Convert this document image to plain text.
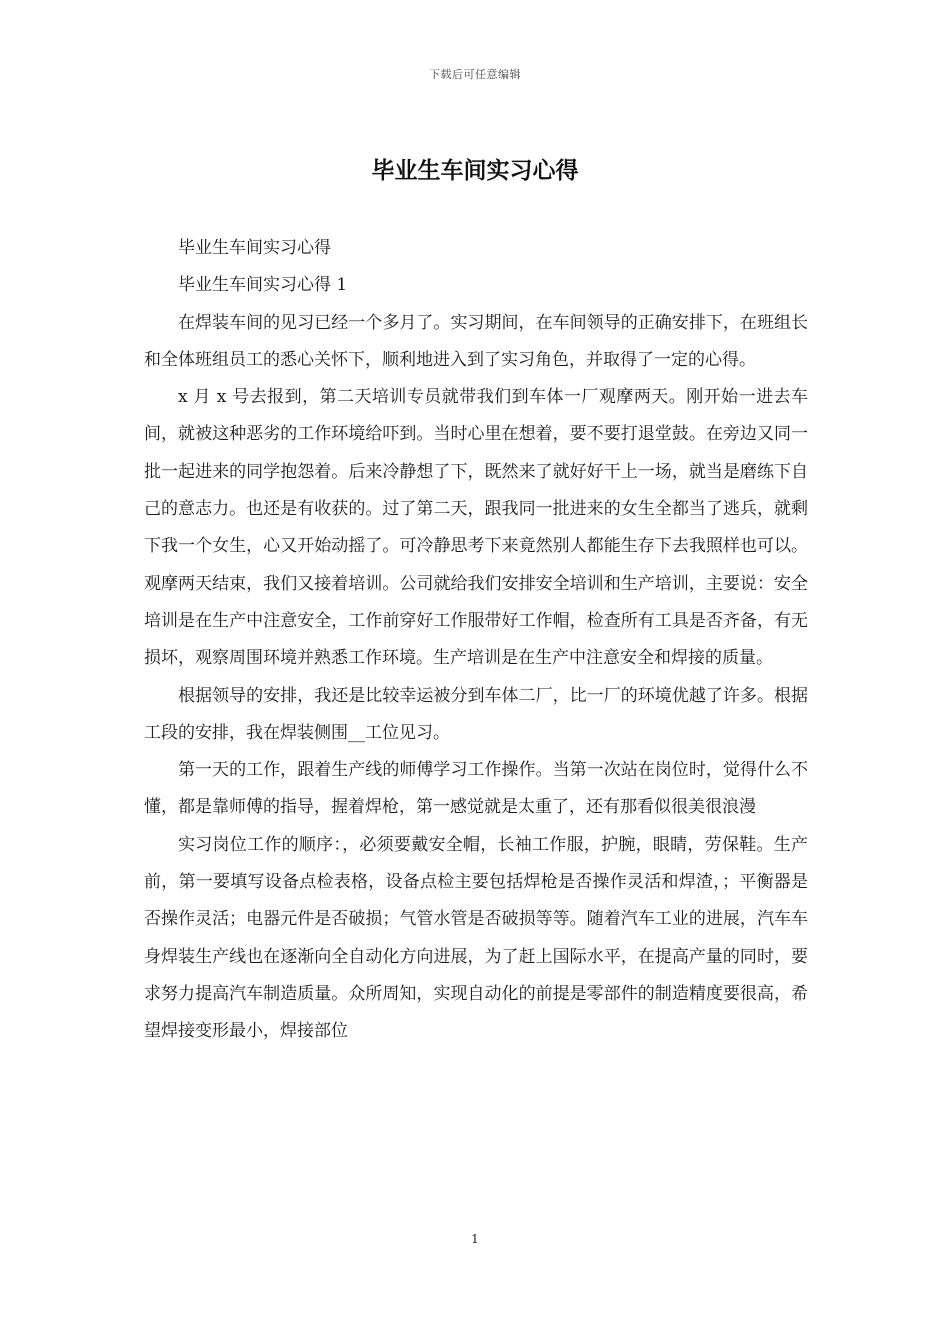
下载后可任意编辑
毕业生车间实习心得

毕业生车间实习心得

毕业生车间实习心得 1

在焊装车间的见习已经一个多月了。实习期间，在车间领导的正确安排下，在班组长和全体班组员工的悉心关怀下，顺利地进入到了实习角色，并取得了一定的心得。

x 月 x 号去报到，第二天培训专员就带我们到车体一厂观摩两天。刚开始一进去车间，就被这种恶劣的工作环境给吓到。当时心里在想着，要不要打退堂鼓。在旁边又同一批一起进来的同学抱怨着。后来冷静想了下，既然来了就好好干上一场，就当是磨练下自己的意志力。也还是有收获的。过了第二天，跟我同一批进来的女生全都当了逃兵，就剩下我一个女生，心又开始动摇了。可冷静思考下来竟然别人都能生存下去我照样也可以。观摩两天结束，我们又接着培训。公司就给我们安排安全培训和生产培训，主要说：安全培训是在生产中注意安全，工作前穿好工作服带好工作帽，检查所有工具是否齐备，有无损坏，观察周围环境并熟悉工作环境。生产培训是在生产中注意安全和焊接的质量。

根据领导的安排，我还是比较幸运被分到车体二厂，比一厂的环境优越了许多。根据工段的安排，我在焊装侧围__工位见习。

第一天的工作，跟着生产线的师傅学习工作操作。当第一次站在岗位时，觉得什么不懂，都是靠师傅的指导，握着焊枪，第一感觉就是太重了，还有那看似很美很浪漫

实习岗位工作的顺序：，必须要戴安全帽，长袖工作服，护腕，眼睛，劳保鞋。生产前，第一要填写设备点检表格，设备点检主要包括焊枪是否操作灵活和焊渣，；平衡器是否操作灵活；电器元件是否破损；气管水管是否破损等等。随着汽车工业的进展，汽车车身焊装生产线也在逐渐向全自动化方向进展，为了赶上国际水平，在提高产量的同时，要求努力提高汽车制造质量。众所周知，实现自动化的前提是零部件的制造精度要很高，希望焊接变形最小，焊接部位

1
